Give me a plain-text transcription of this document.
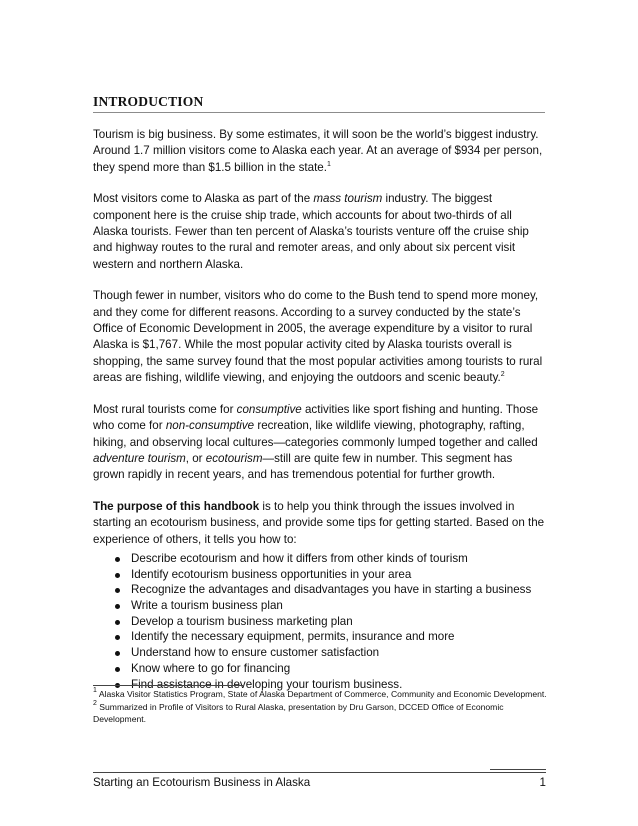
INTRODUCTION

Tourism is big business. By some estimates, it will soon be the world’s biggest industry. Around 1.7 million visitors come to Alaska each year. At an average of $934 per person, they spend more than $1.5 billion in the state.$^1$

Most visitors come to Alaska as part of the mass tourism industry. The biggest component here is the cruise ship trade, which accounts for about two-thirds of all Alaska tourists. Fewer than ten percent of Alaska’s tourists venture off the cruise ship and highway routes to the rural and remoter areas, and only about six percent visit western and northern Alaska.

Though fewer in number, visitors who do come to the Bush tend to spend more money, and they come for different reasons. According to a survey conducted by the state’s Office of Economic Development in 2005, the average expenditure by a visitor to rural Alaska is $1,767. While the most popular activity cited by Alaska tourists overall is shopping, the same survey found that the most popular activities among tourists to rural areas are fishing, wildlife viewing, and enjoying the outdoors and scenic beauty.$^2$

Most rural tourists come for consumptive activities like sport fishing and hunting. Those who come for non-consumptive recreation, like wildlife viewing, photography, rafting, hiking, and observing local cultures—categories commonly lumped together and called adventure tourism, or ecotourism—still are quite few in number. This segment has grown rapidly in recent years, and has tremendous potential for further growth.

The purpose of this handbook is to help you think through the issues involved in starting an ecotourism business, and provide some tips for getting started. Based on the experience of others, it tells you how to:

Describe ecotourism and how it differs from other kinds of tourism
Identify ecotourism business opportunities in your area
Recognize the advantages and disadvantages you have in starting a business
Write a tourism business plan
Develop a tourism business marketing plan
Identify the necessary equipment, permits, insurance and more
Understand how to ensure customer satisfaction
Know where to go for financing
Find assistance in developing your tourism business.

$^1$ Alaska Visitor Statistics Program, State of Alaska Department of Commerce, Community and Economic Development.

$^2$ Summarized in Profile of Visitors to Rural Alaska, presentation by Dru Garson, DCCED Office of Economic Development.

Starting an Ecotourism Business in Alaska	1
